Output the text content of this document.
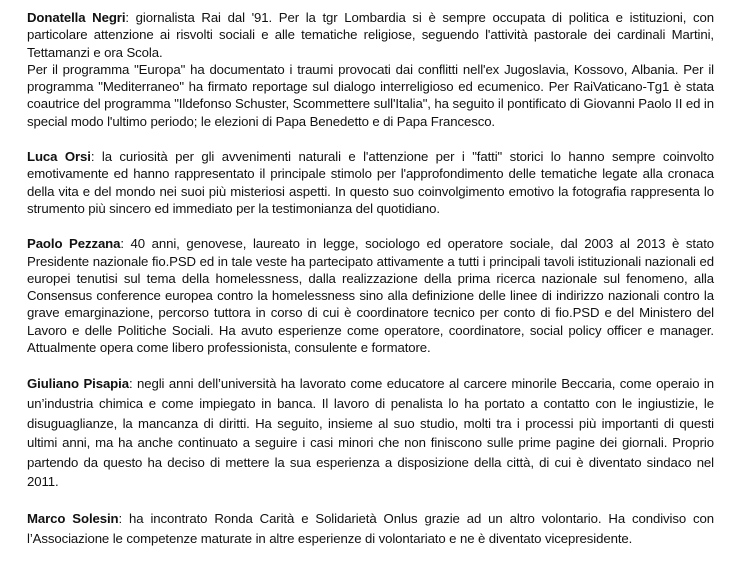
Donatella Negri: giornalista Rai dal '91. Per la tgr Lombardia si è sempre occupata di politica e istituzioni, con particolare attenzione ai risvolti sociali e alle tematiche religiose, seguendo l'attività pastorale dei cardinali Martini, Tettamanzi e ora Scola.

Per il programma "Europa" ha documentato i traumi provocati dai conflitti nell'ex Jugoslavia, Kossovo, Albania. Per il programma "Mediterraneo" ha firmato reportage sul dialogo interreligioso ed ecumenico. Per RaiVaticano-Tg1 è stata coautrice del programma "Ildefonso Schuster, Scommettere sull'Italia", ha seguito il pontificato di Giovanni Paolo II ed in special modo l'ultimo periodo; le elezioni di Papa Benedetto e di Papa Francesco.

Luca Orsi: la curiosità per gli avvenimenti naturali e l'attenzione per i "fatti" storici lo hanno sempre coinvolto emotivamente ed hanno rappresentato il principale stimolo per l'approfondimento delle tematiche legate alla cronaca della vita e del mondo nei suoi più misteriosi aspetti. In questo suo coinvolgimento emotivo la fotografia rappresenta lo strumento più sincero ed immediato per la testimonianza del quotidiano.

Paolo Pezzana: 40 anni, genovese, laureato in legge, sociologo ed operatore sociale, dal 2003 al 2013 è stato Presidente nazionale fio.PSD ed in tale veste ha partecipato attivamente a tutti i principali tavoli istituzionali nazionali ed europei tenutisi sul tema della homelessness, dalla realizzazione della prima ricerca nazionale sul fenomeno, alla Consensus conference europea contro la homelessness sino alla definizione delle linee di indirizzo nazionali contro la grave emarginazione, percorso tuttora in corso di cui è coordinatore tecnico per conto di fio.PSD e del Ministero del Lavoro e delle Politiche Sociali. Ha avuto esperienze come operatore, coordinatore, social policy officer e manager. Attualmente opera come libero professionista, consulente e formatore.

Giuliano Pisapia: negli anni dell’università ha lavorato come educatore al carcere minorile Beccaria, come operaio in un’industria chimica e come impiegato in banca. Il lavoro di penalista lo ha portato a contatto con le ingiustizie, le disuguaglianze, la mancanza di diritti. Ha seguito, insieme al suo studio, molti tra i processi più importanti di questi ultimi anni, ma ha anche continuato a seguire i casi minori che non finiscono sulle prime pagine dei giornali. Proprio partendo da questo ha deciso di mettere la sua esperienza a disposizione della città, di cui è diventato sindaco nel 2011.

Marco Solesin: ha incontrato Ronda Carità e Solidarietà Onlus grazie ad un altro volontario. Ha condiviso con l’Associazione le competenze maturate in altre esperienze di volontariato e ne è diventato vicepresidente.
